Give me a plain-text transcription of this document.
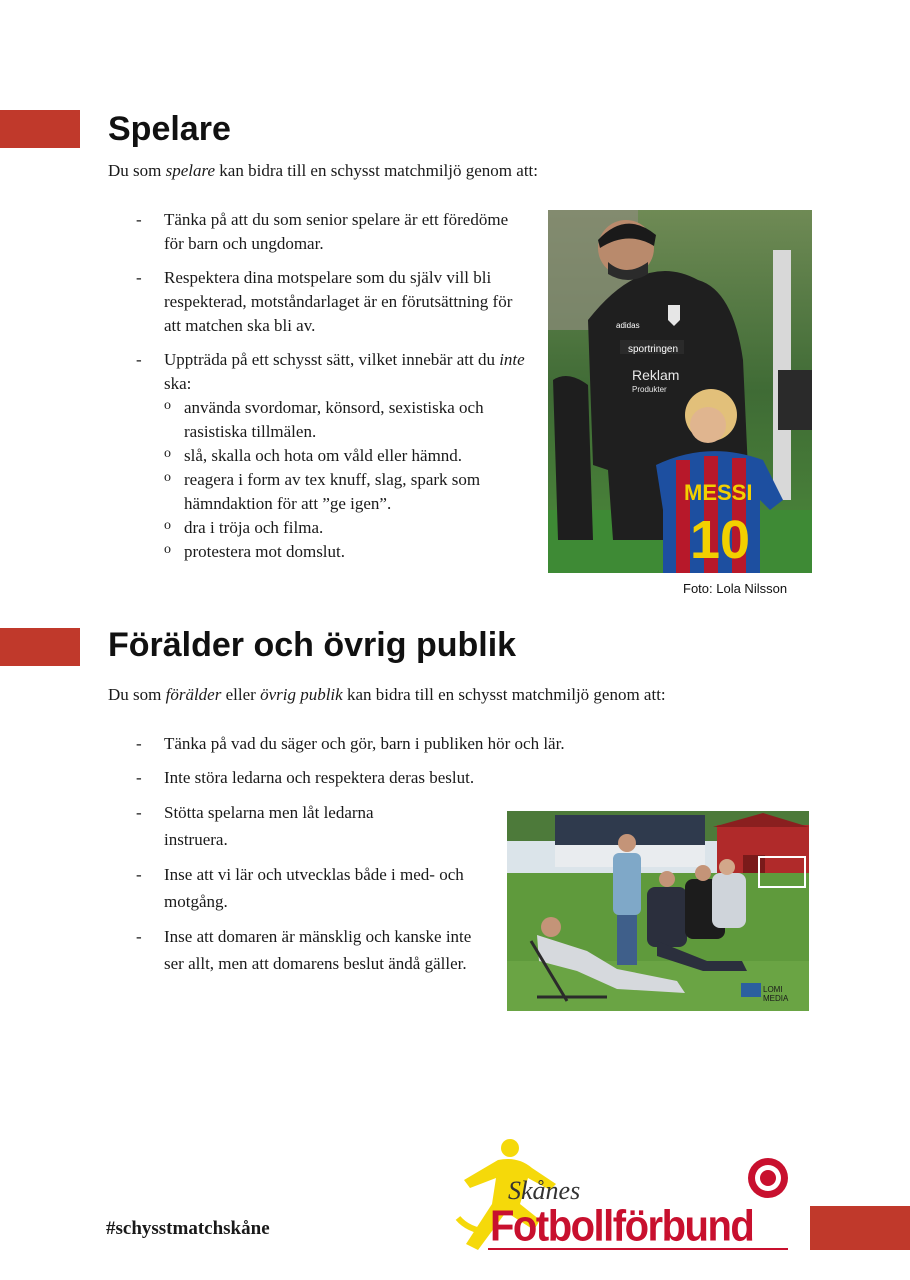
Spelare

Du som spelare kan bidra till en schysst matchmiljö genom att:

- Tänka på att du som senior spelare är ett föredöme för barn och ungdomar.
- Respektera dina motspelare som du själv vill bli respekterad, motståndarlaget är en förutsättning för att matchen ska bli av.
- Uppträda på ett schysst sätt, vilket innebär att du inte ska:
o använda svordomar, könsord, sexistiska och rasistiska tillmälen.
o slå, skalla och hota om våld eller hämnd.
o reagera i form av tex knuff, slag, spark som hämndaktion för att ”ge igen”.
o dra i tröja och filma.
o protestera mot domslut.
sportringen
Reklam
Produkter
adidas
MESSI
10
Foto: Lola Nilsson
Förälder och övrig publik

Du som förälder eller övrig publik kan bidra till en schysst matchmiljö genom att:

- Tänka på vad du säger och gör, barn i publiken hör och lär.
- Inte störa ledarna och respektera deras beslut.
- Stötta spelarna men låt ledarna instruera.
- Inse att vi lär och utvecklas både i med- och motgång.
- Inse att domaren är mänsklig och kanske inte ser allt, men att domarens beslut ändå gäller.
LOMI
MEDIA
#schysstmatchskåne
Skånes
Fotbollförbund
